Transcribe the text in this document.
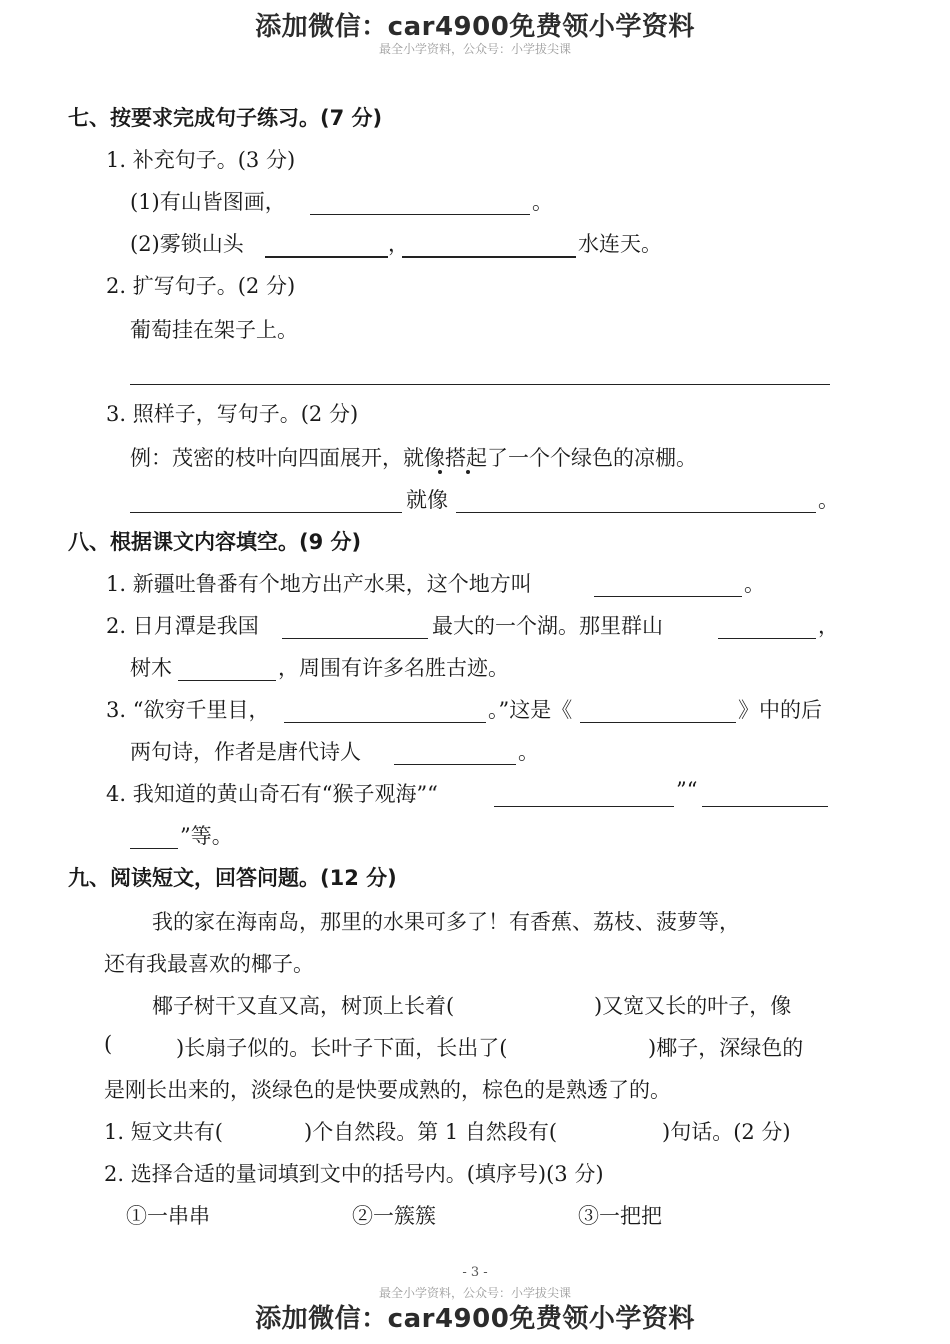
最全小学资料，公众号：小学拔尖课
添加微信：car4900免费领小学资料
七、按要求完成句子练习。(7 分)
1. 补充句子。(3 分)
(1)有山皆图画，	。
(2)雾锁山头	，	水连天。
2. 扩写句子。(2 分)
葡萄挂在架子上。
3. 照样子，写句子。(2 分)
例：茂密的枝叶向四面展开，就像搭起了一个个绿色的凉棚。
就像	。
八、根据课文内容填空。(9 分)
1. 新疆吐鲁番有个地方出产水果，这个地方叫	。
2. 日月潭是我国	最大的一个湖。那里群山	，
树木	，周围有许多名胜古迹。
3. “欲穷千里目，	。”这是《	》中的后
两句诗，作者是唐代诗人	。
4. 我知道的黄山奇石有“猴子观海”“	”“
”等。
九、阅读短文，回答问题。(12 分)
我的家在海南岛，那里的水果可多了！有香蕉、荔枝、菠萝等，
还有我最喜欢的椰子。
椰子树干又直又高，树顶上长着(	)又宽又长的叶子，像
(	)长扇子似的。长叶子下面，长出了(	)椰子，深绿色的
是刚长出来的，淡绿色的是快要成熟的，棕色的是熟透了的。
1. 短文共有(	)个自然段。第 1 自然段有(	)句话。(2 分)
2. 选择合适的量词填到文中的括号内。(填序号)(3 分)
①一串串	②一簇簇	③一把把
- 3 -
最全小学资料，公众号：小学拔尖课
添加微信：car4900免费领小学资料
